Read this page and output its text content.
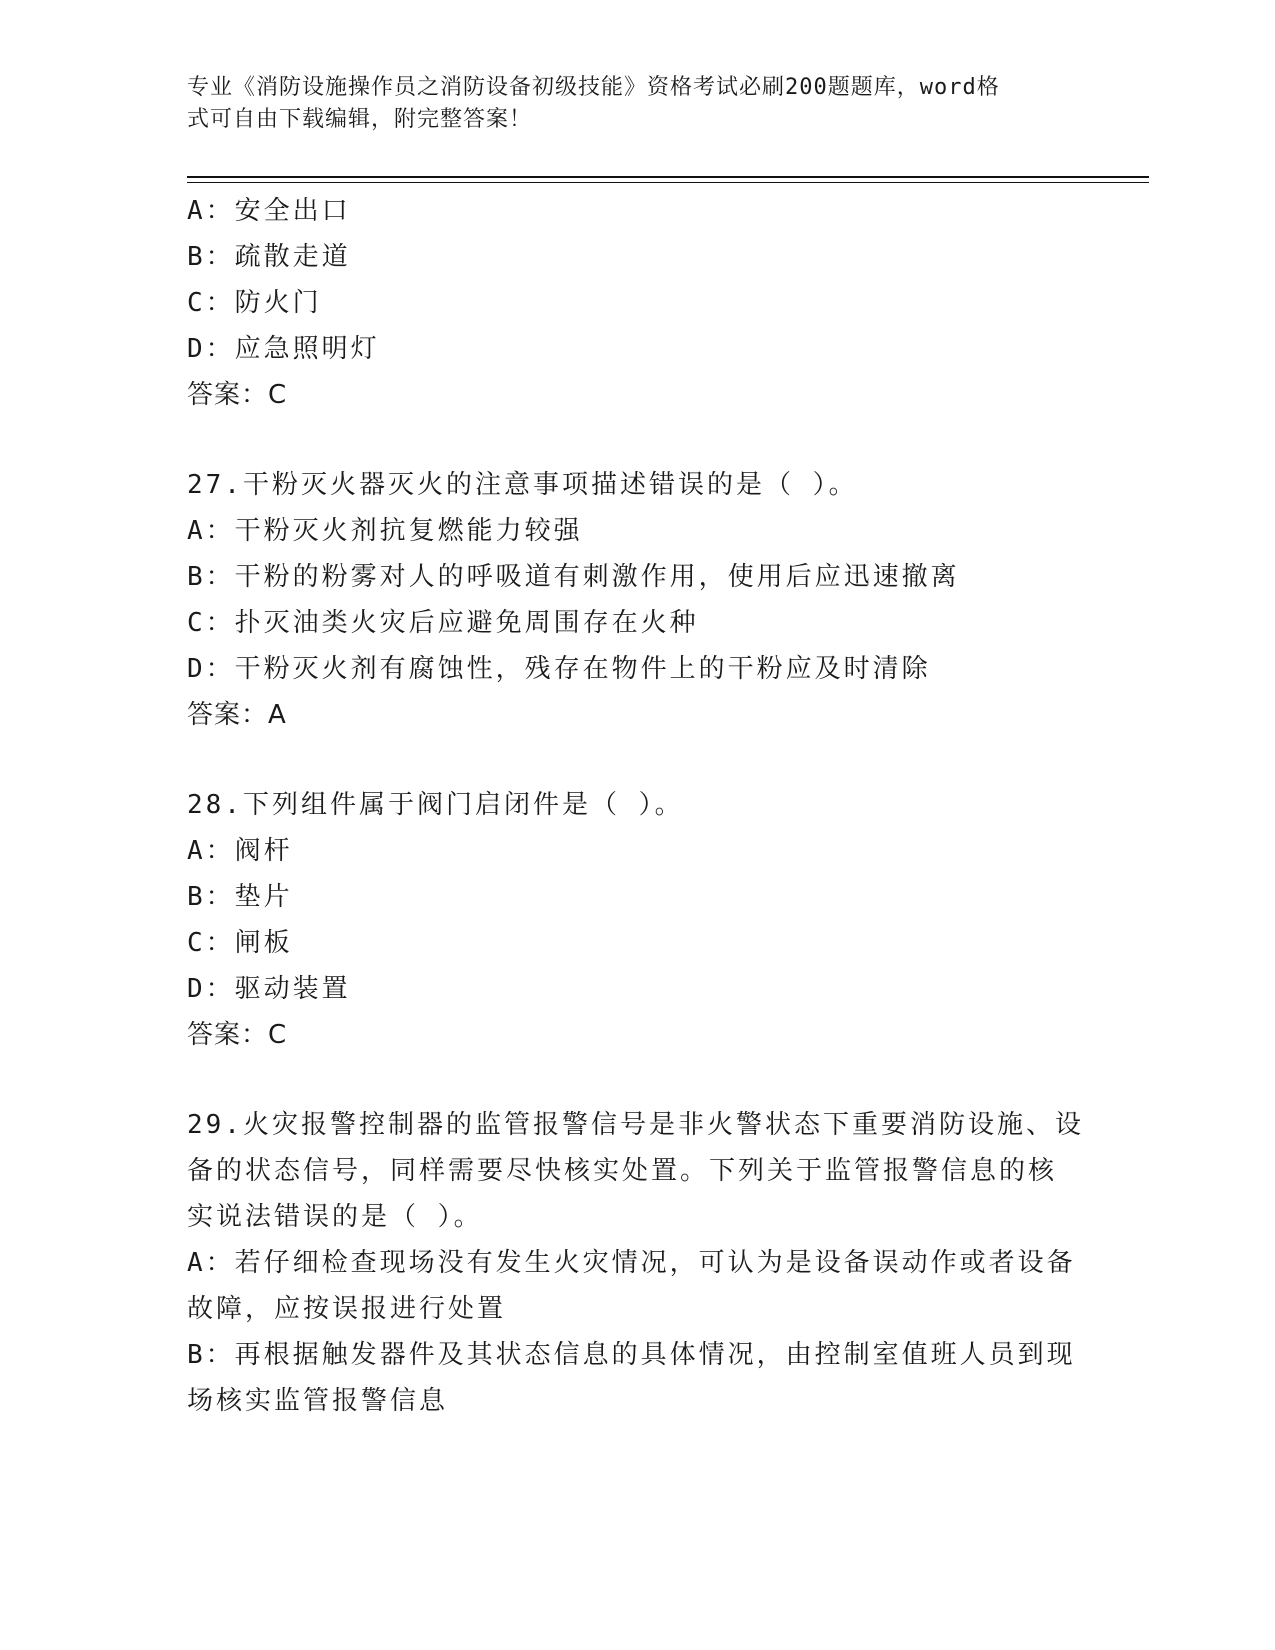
专业《消防设施操作员之消防设备初级技能》资格考试必刷200题题库，word格
式可自由下载编辑，附完整答案！
A：安全出口
B：疏散走道
C：防火门
D：应急照明灯
答案：C
27.干粉灭火器灭火的注意事项描述错误的是（ ）。
A：干粉灭火剂抗复燃能力较强
B：干粉的粉雾对人的呼吸道有刺激作用，使用后应迅速撤离
C：扑灭油类火灾后应避免周围存在火种
D：干粉灭火剂有腐蚀性，残存在物件上的干粉应及时清除
答案：A
28.下列组件属于阀门启闭件是（ ）。
A：阀杆
B：垫片
C：闸板
D：驱动装置
答案：C
29.火灾报警控制器的监管报警信号是非火警状态下重要消防设施、设
备的状态信号，同样需要尽快核实处置。下列关于监管报警信息的核
实说法错误的是（ ）。
A：若仔细检查现场没有发生火灾情况，可认为是设备误动作或者设备
故障，应按误报进行处置
B：再根据触发器件及其状态信息的具体情况，由控制室值班人员到现
场核实监管报警信息
